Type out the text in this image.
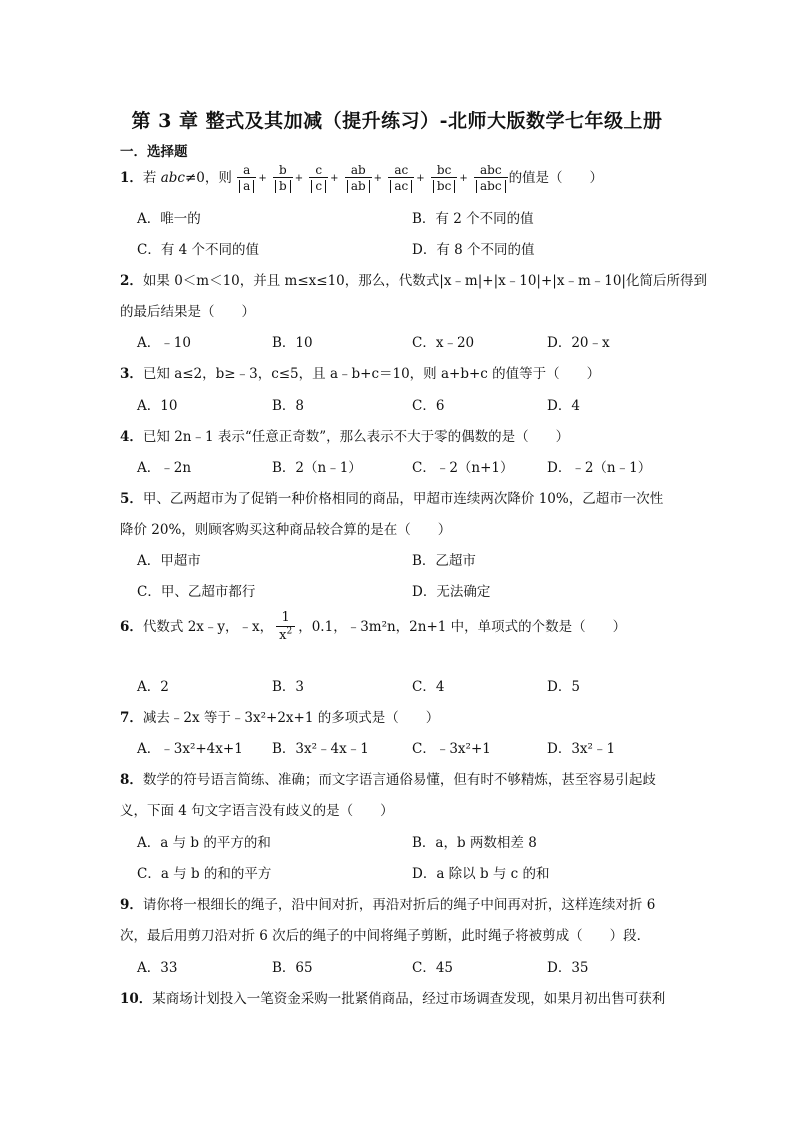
第 3 章 整式及其加减（提升练习）-北师大版数学七年级上册
一．选择题
1．若 abc≠0，则 $\frac{a}{a} + \frac{b}{b} + \frac{c}{c} + \frac{ab}{ab} + \frac{ac}{ac} + \frac{bc}{bc} + \frac{\text{abc}}{\text{abc}}$ 的值是（　　）
A．唯一的	B．有 2 个不同的值
C．有 4 个不同的值	D．有 8 个不同的值
2．如果 0＜m＜10，并且 m≤x≤10，那么，代数式|x﹣m|+|x﹣10|+|x﹣m﹣10|化简后所得到
的最后结果是（　　）
A．﹣10	B．10	C．x﹣20	D．20﹣x
3．已知 a≤2，b≥﹣3，c≤5，且 a﹣b+c＝10，则 a+b+c 的值等于（　　）
A．10	B．8	C．6	D．4
4．已知 2n﹣1 表示“任意正奇数”，那么表示不大于零的偶数的是（　　）
A．﹣2n	B．2（n﹣1）	C．﹣2（n+1） D．﹣2（n﹣1）
5．甲、乙两超市为了促销一种价格相同的商品，甲超市连续两次降价 10%，乙超市一次性
降价 20%，则顾客购买这种商品较合算的是在（　　）
A．甲超市	B．乙超市
C．甲、乙超市都行	D．无法确定
6．代数式 2x﹣y，﹣x， $\frac{1}{x^2}$ ，0.1，﹣3m²n，2n+1 中，单项式的个数是（　　）
A．2	B．3	C．4	D．5
7．减去﹣2x 等于﹣3x²+2x+1 的多项式是（　　）
A．﹣3x²+4x+1 B．3x²﹣4x﹣1	C．﹣3x²+1	D．3x²﹣1
8．数学的符号语言简练、准确；而文字语言通俗易懂，但有时不够精炼，甚至容易引起歧
义，下面 4 句文字语言没有歧义的是（　　）
A．a 与 b 的平方的和	B．a，b 两数相差 8
C．a 与 b 的和的平方	D．a 除以 b 与 c 的和
9．请你将一根细长的绳子，沿中间对折，再沿对折后的绳子中间再对折，这样连续对折 6
次，最后用剪刀沿对折 6 次后的绳子的中间将绳子剪断，此时绳子将被剪成（　　）段．
A．33	B．65	C．45	D．35
10．某商场计划投入一笔资金采购一批紧俏商品，经过市场调查发现，如果月初出售可获利
